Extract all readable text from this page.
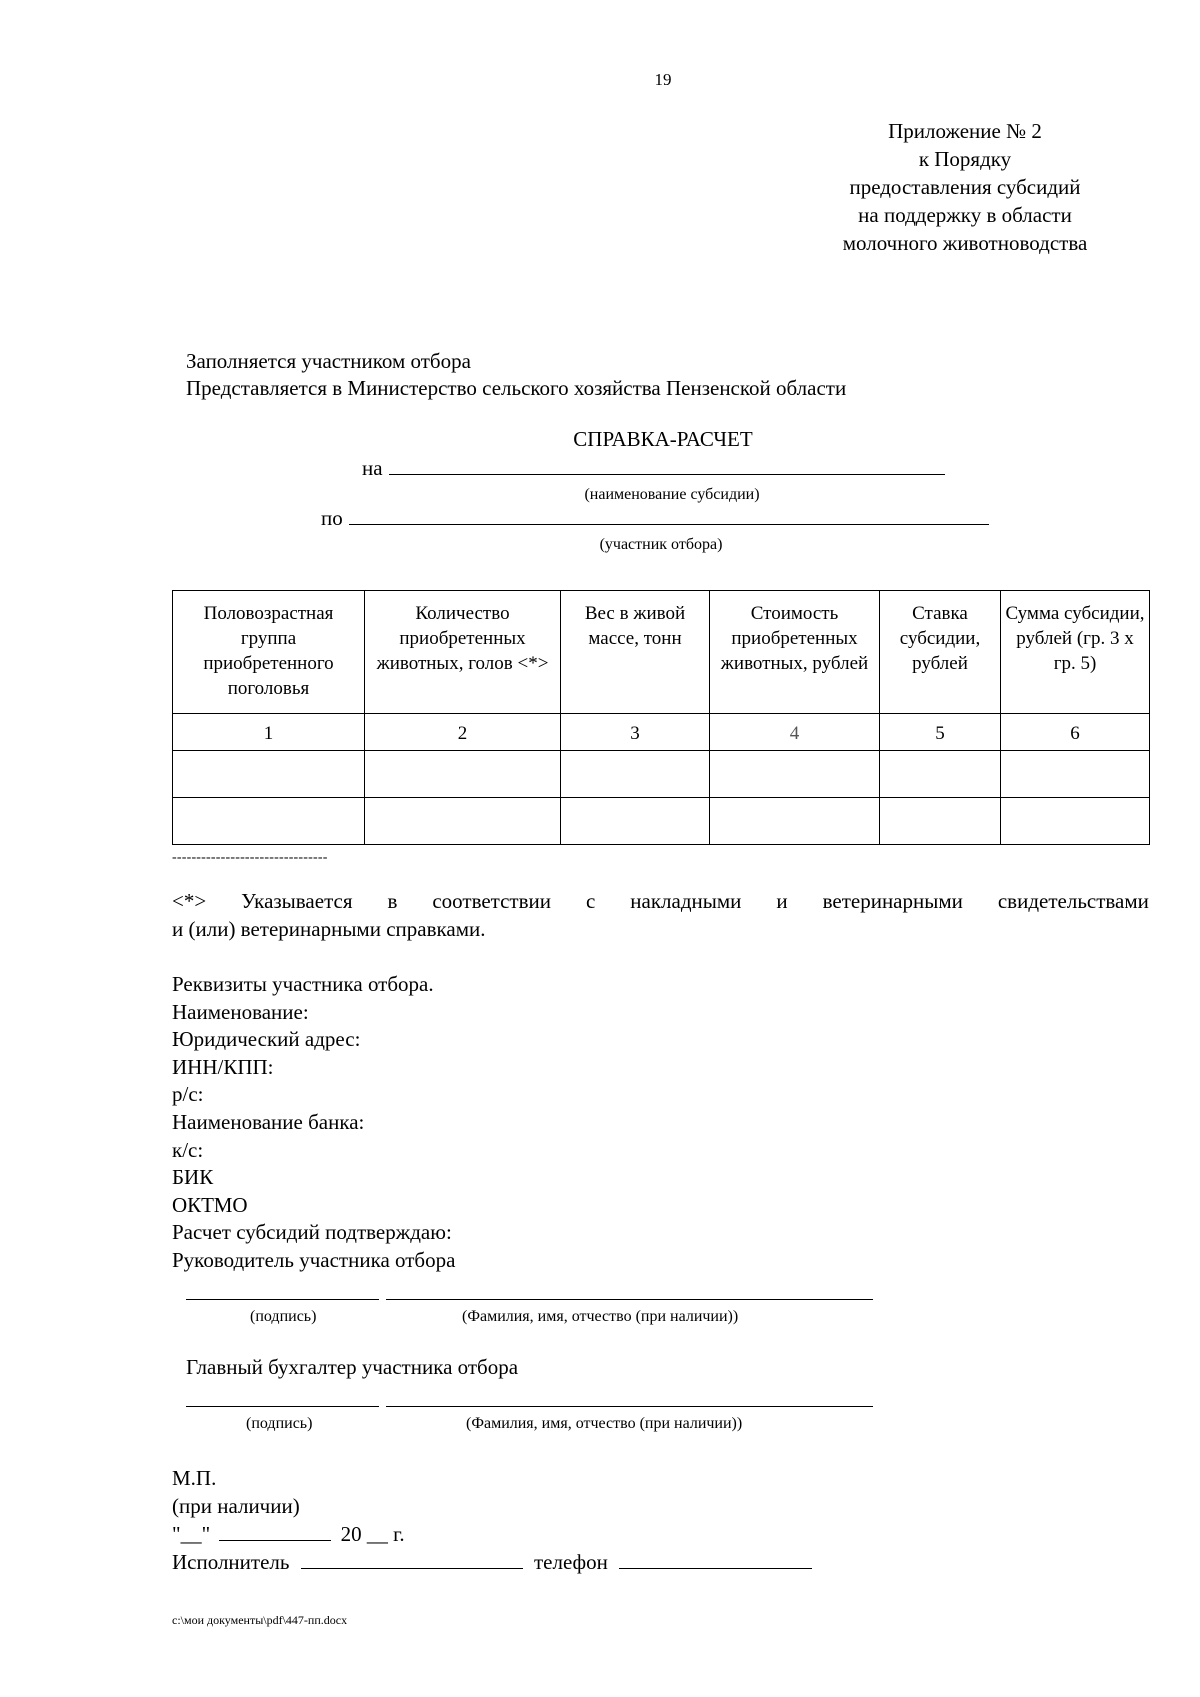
19
Приложение № 2
к Порядку
предоставления субсидий
на поддержку в области
молочного животноводства
Заполняется участником отбора
Представляется в Министерство сельского хозяйства Пензенской области
СПРАВКА-РАСЧЕТ
на
(наименование субсидии)
по
(участник отбора)
Половозрастная группа приобретенного поголовья	Количество приобретенных животных, голов <*>	Вес в живой массе, тонн	Стоимость приобретенных животных, рублей	Ставка субсидии, рублей	Сумма субсидии, рублей (гр. 3 х гр. 5)
1	2	3	4	5	6

--------------------------------
<*> Указывается в соответствии с накладными и ветеринарными свидетельствами
и (или) ветеринарными справками.
Реквизиты участника отбора.
Наименование:
Юридический адрес:
ИНН/КПП:
р/с:
Наименование банка:
к/с:
БИК
ОКТМО
Расчет субсидий подтверждаю:
Руководитель участника отбора
(подпись)	(Фамилия, имя, отчество (при наличии))
Главный бухгалтер участника отбора
(подпись)	(Фамилия, имя, отчество (при наличии))
М.П.
(при наличии)
"__"	20 __ г.
Исполнитель	телефон
c:\мои документы\pdf\447-пп.docx
